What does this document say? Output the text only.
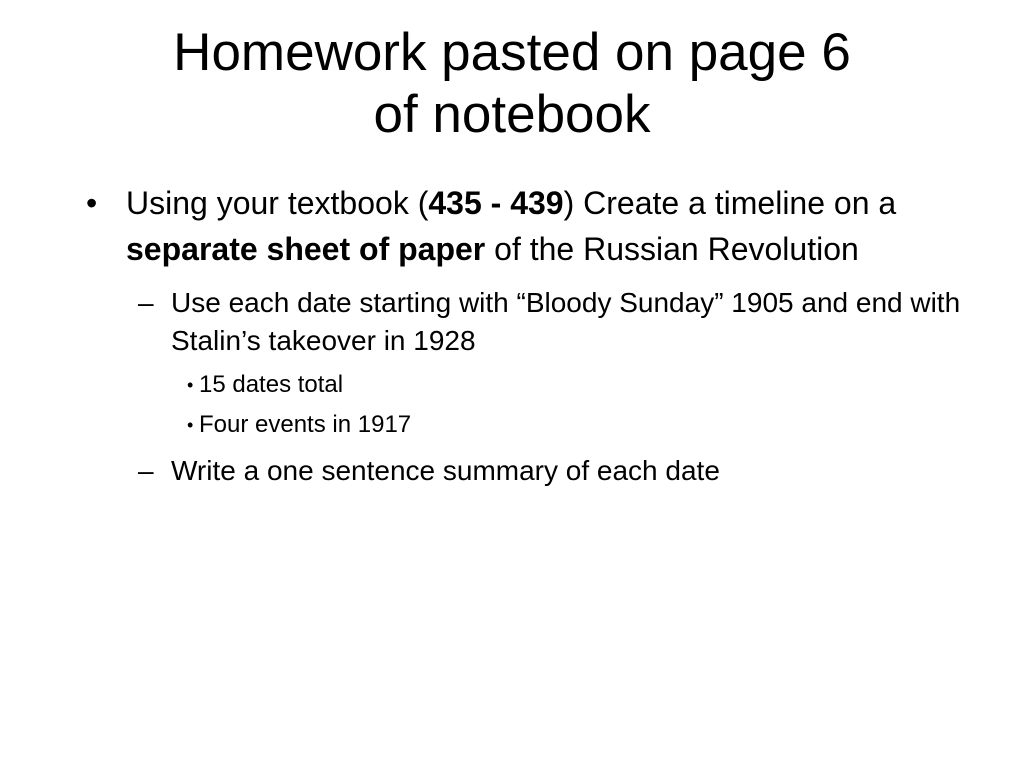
Homework pasted on page 6
of notebook
• Using your textbook (435 - 439) Create a timeline on a separate sheet of paper of the Russian Revolution
– Use each date starting with “Bloody Sunday” 1905 and end with Stalin’s takeover in 1928
• 15 dates total
• Four events in 1917
– Write a one sentence summary of each date
